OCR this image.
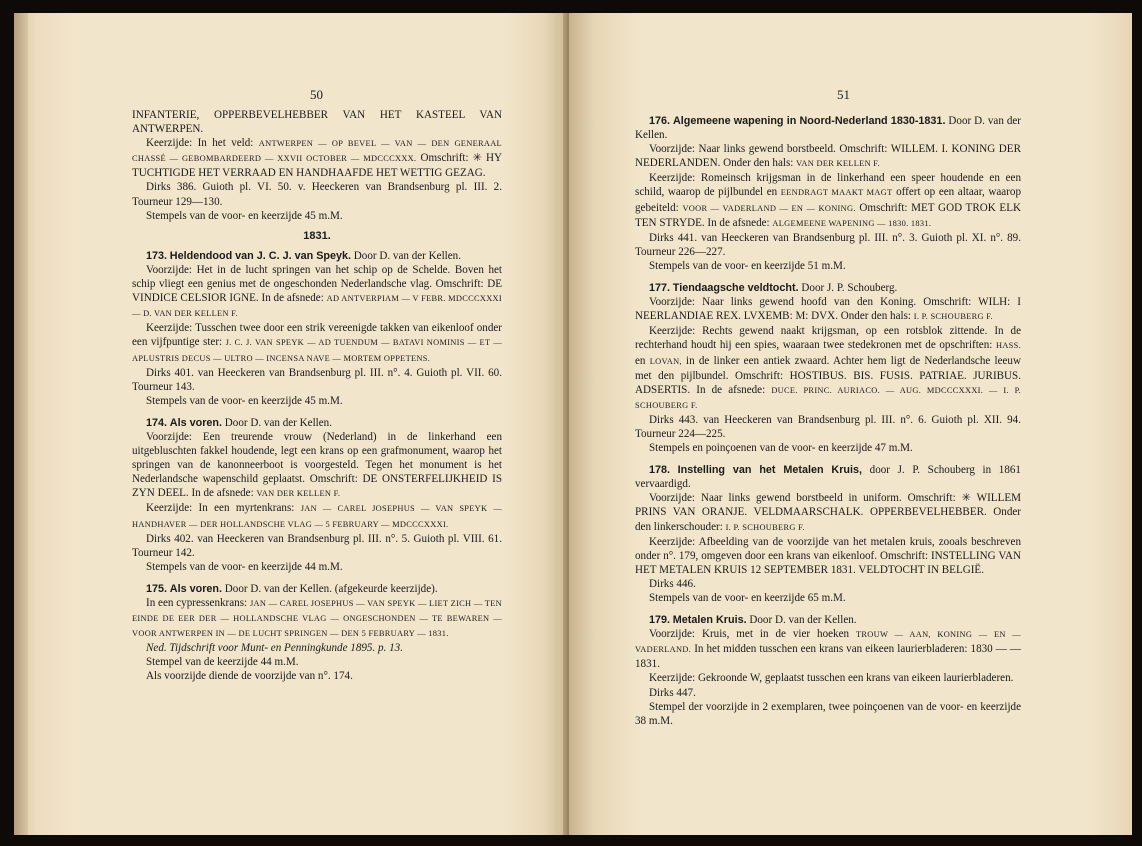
50

INFANTERIE, OPPERBEVELHEBBER VAN HET KASTEEL VAN ANTWERPEN.

Keerzijde: In het veld: ANTWERPEN — OP BEVEL — VAN — DEN GENERAAL CHASSÉ — GEBOMBARDEERD — XXVII OCTOBER — MDCCCXXX. Omschrift: ✳ HY TUCHTIGDE HET VERRAAD EN HANDHAAFDE HET WETTIG GEZAG.

Dirks 386. Guioth pl. VI. 50. v. Heeckeren van Brandsenburg pl. III. 2. Tourneur 129—130.

Stempels van de voor- en keerzijde 45 m.M.

1831.

173. Heldendood van J. C. J. van Speyk. Door D. van der Kellen.

Voorzijde: Het in de lucht springen van het schip op de Schelde. Boven het schip vliegt een genius met de ongeschonden Nederlandsche vlag. Omschrift: DE VINDICE CELSIOR IGNE. In de afsnede: AD ANTVERPIAM — V FEBR. MDCCCXXXI — D. VAN DER KELLEN F.

Keerzijde: Tusschen twee door een strik vereenigde takken van eikenloof onder een vijfpuntige ster: J. C. J. VAN SPEYK — AD TUENDUM — BATAVI NOMINIS — ET — APLUSTRIS DECUS — ULTRO — INCENSA NAVE — MORTEM OPPETENS.

Dirks 401. van Heeckeren van Brandsenburg pl. III. n°. 4. Guioth pl. VII. 60. Tourneur 143.

Stempels van de voor- en keerzijde 45 m.M.

174. Als voren. Door D. van der Kellen.

Voorzijde: Een treurende vrouw (Nederland) in de linkerhand een uitgebluschten fakkel houdende, legt een krans op een grafmonument, waarop het springen van de kanonneerboot is voorgesteld. Tegen het monument is het Nederlandsche wapenschild geplaatst. Omschrift: DE ONSTERFELIJKHEID IS ZYN DEEL. In de afsnede: VAN DER KELLEN F.

Keerzijde: In een myrtenkrans: JAN — CAREL JOSEPHUS — VAN SPEYK — HANDHAVER — DER HOLLANDSCHE VLAG — 5 FEBRUARY — MDCCCXXXI.

Dirks 402. van Heeckeren van Brandsenburg pl. III. n°. 5. Guioth pl. VIII. 61. Tourneur 142.

Stempels van de voor- en keerzijde 44 m.M.

175. Als voren. Door D. van der Kellen. (afgekeurde keerzijde).

In een cypressenkrans: JAN — CAREL JOSEPHUS — VAN SPEYK — LIET ZICH — TEN EINDE DE EER DER — HOLLANDSCHE VLAG — ONGESCHONDEN — TE BEWAREN — VOOR ANTWERPEN IN — DE LUCHT SPRINGEN — DEN 5 FEBRUARY — 1831.

Ned. Tijdschrift voor Munt- en Penningkunde 1895. p. 13.

Stempel van de keerzijde 44 m.M.

Als voorzijde diende de voorzijde van n°. 174.

51

176. Algemeene wapening in Noord-Nederland 1830-1831. Door D. van der Kellen.

Voorzijde: Naar links gewend borstbeeld. Omschrift: WILLEM. I. KONING DER NEDERLANDEN. Onder den hals: VAN DER KELLEN F.

Keerzijde: Romeinsch krijgsman in de linkerhand een speer houdende en een schild, waarop de pijlbundel en EENDRAGT MAAKT MAGT offert op een altaar, waarop gebeiteld: VOOR — VADERLAND — EN — KONING. Omschrift: MET GOD TROK ELK TEN STRYDE. In de afsnede: ALGEMEENE WAPENING — 1830. 1831.

Dirks 441. van Heeckeren van Brandsenburg pl. III. n°. 3. Guioth pl. XI. n°. 89. Tourneur 226—227.

Stempels van de voor- en keerzijde 51 m.M.

177. Tiendaagsche veldtocht. Door J. P. Schouberg.

Voorzijde: Naar links gewend hoofd van den Koning. Omschrift: WILH: I NEERLANDIAE REX. LVXEMB: M: DVX. Onder den hals: I. P. SCHOUBERG F.

Keerzijde: Rechts gewend naakt krijgsman, op een rotsblok zittende. In de rechterhand houdt hij een spies, waaraan twee stedekronen met de opschriften: HASS. en LOVAN, in de linker een antiek zwaard. Achter hem ligt de Nederlandsche leeuw met den pijlbundel. Omschrift: HOSTIBUS. BIS. FUSIS. PATRIAE. JURIBUS. ADSERTIS. In de afsnede: DUCE. PRINC. AURIACO. — AUG. MDCCCXXXI. — I. P. SCHOUBERG F.

Dirks 443. van Heeckeren van Brandsenburg pl. III. n°. 6. Guioth pl. XII. 94. Tourneur 224—225.

Stempels en poinçoenen van de voor- en keerzijde 47 m.M.

178. Instelling van het Metalen Kruis, door J. P. Schouberg in 1861 vervaardigd.

Voorzijde: Naar links gewend borstbeeld in uniform. Omschrift: ✳ WILLEM PRINS VAN ORANJE. VELDMAARSCHALK. OPPERBEVELHEBBER. Onder den linkerschouder: I. P. SCHOUBERG F.

Keerzijde: Afbeelding van de voorzijde van het metalen kruis, zooals beschreven onder n°. 179, omgeven door een krans van eikenloof. Omschrift: INSTELLING VAN HET METALEN KRUIS 12 SEPTEMBER 1831. VELDTOCHT IN BELGIË.

Dirks 446.

Stempels van de voor- en keerzijde 65 m.M.

179. Metalen Kruis. Door D. van der Kellen.

Voorzijde: Kruis, met in de vier hoeken TROUW — AAN, KONING — EN — VADERLAND. In het midden tusschen een krans van eikeen laurierbladeren: 1830 — — 1831.

Keerzijde: Gekroonde W, geplaatst tusschen een krans van eikeen laurierbladeren.

Dirks 447.

Stempel der voorzijde in 2 exemplaren, twee poinçoenen van de voor- en keerzijde 38 m.M.
